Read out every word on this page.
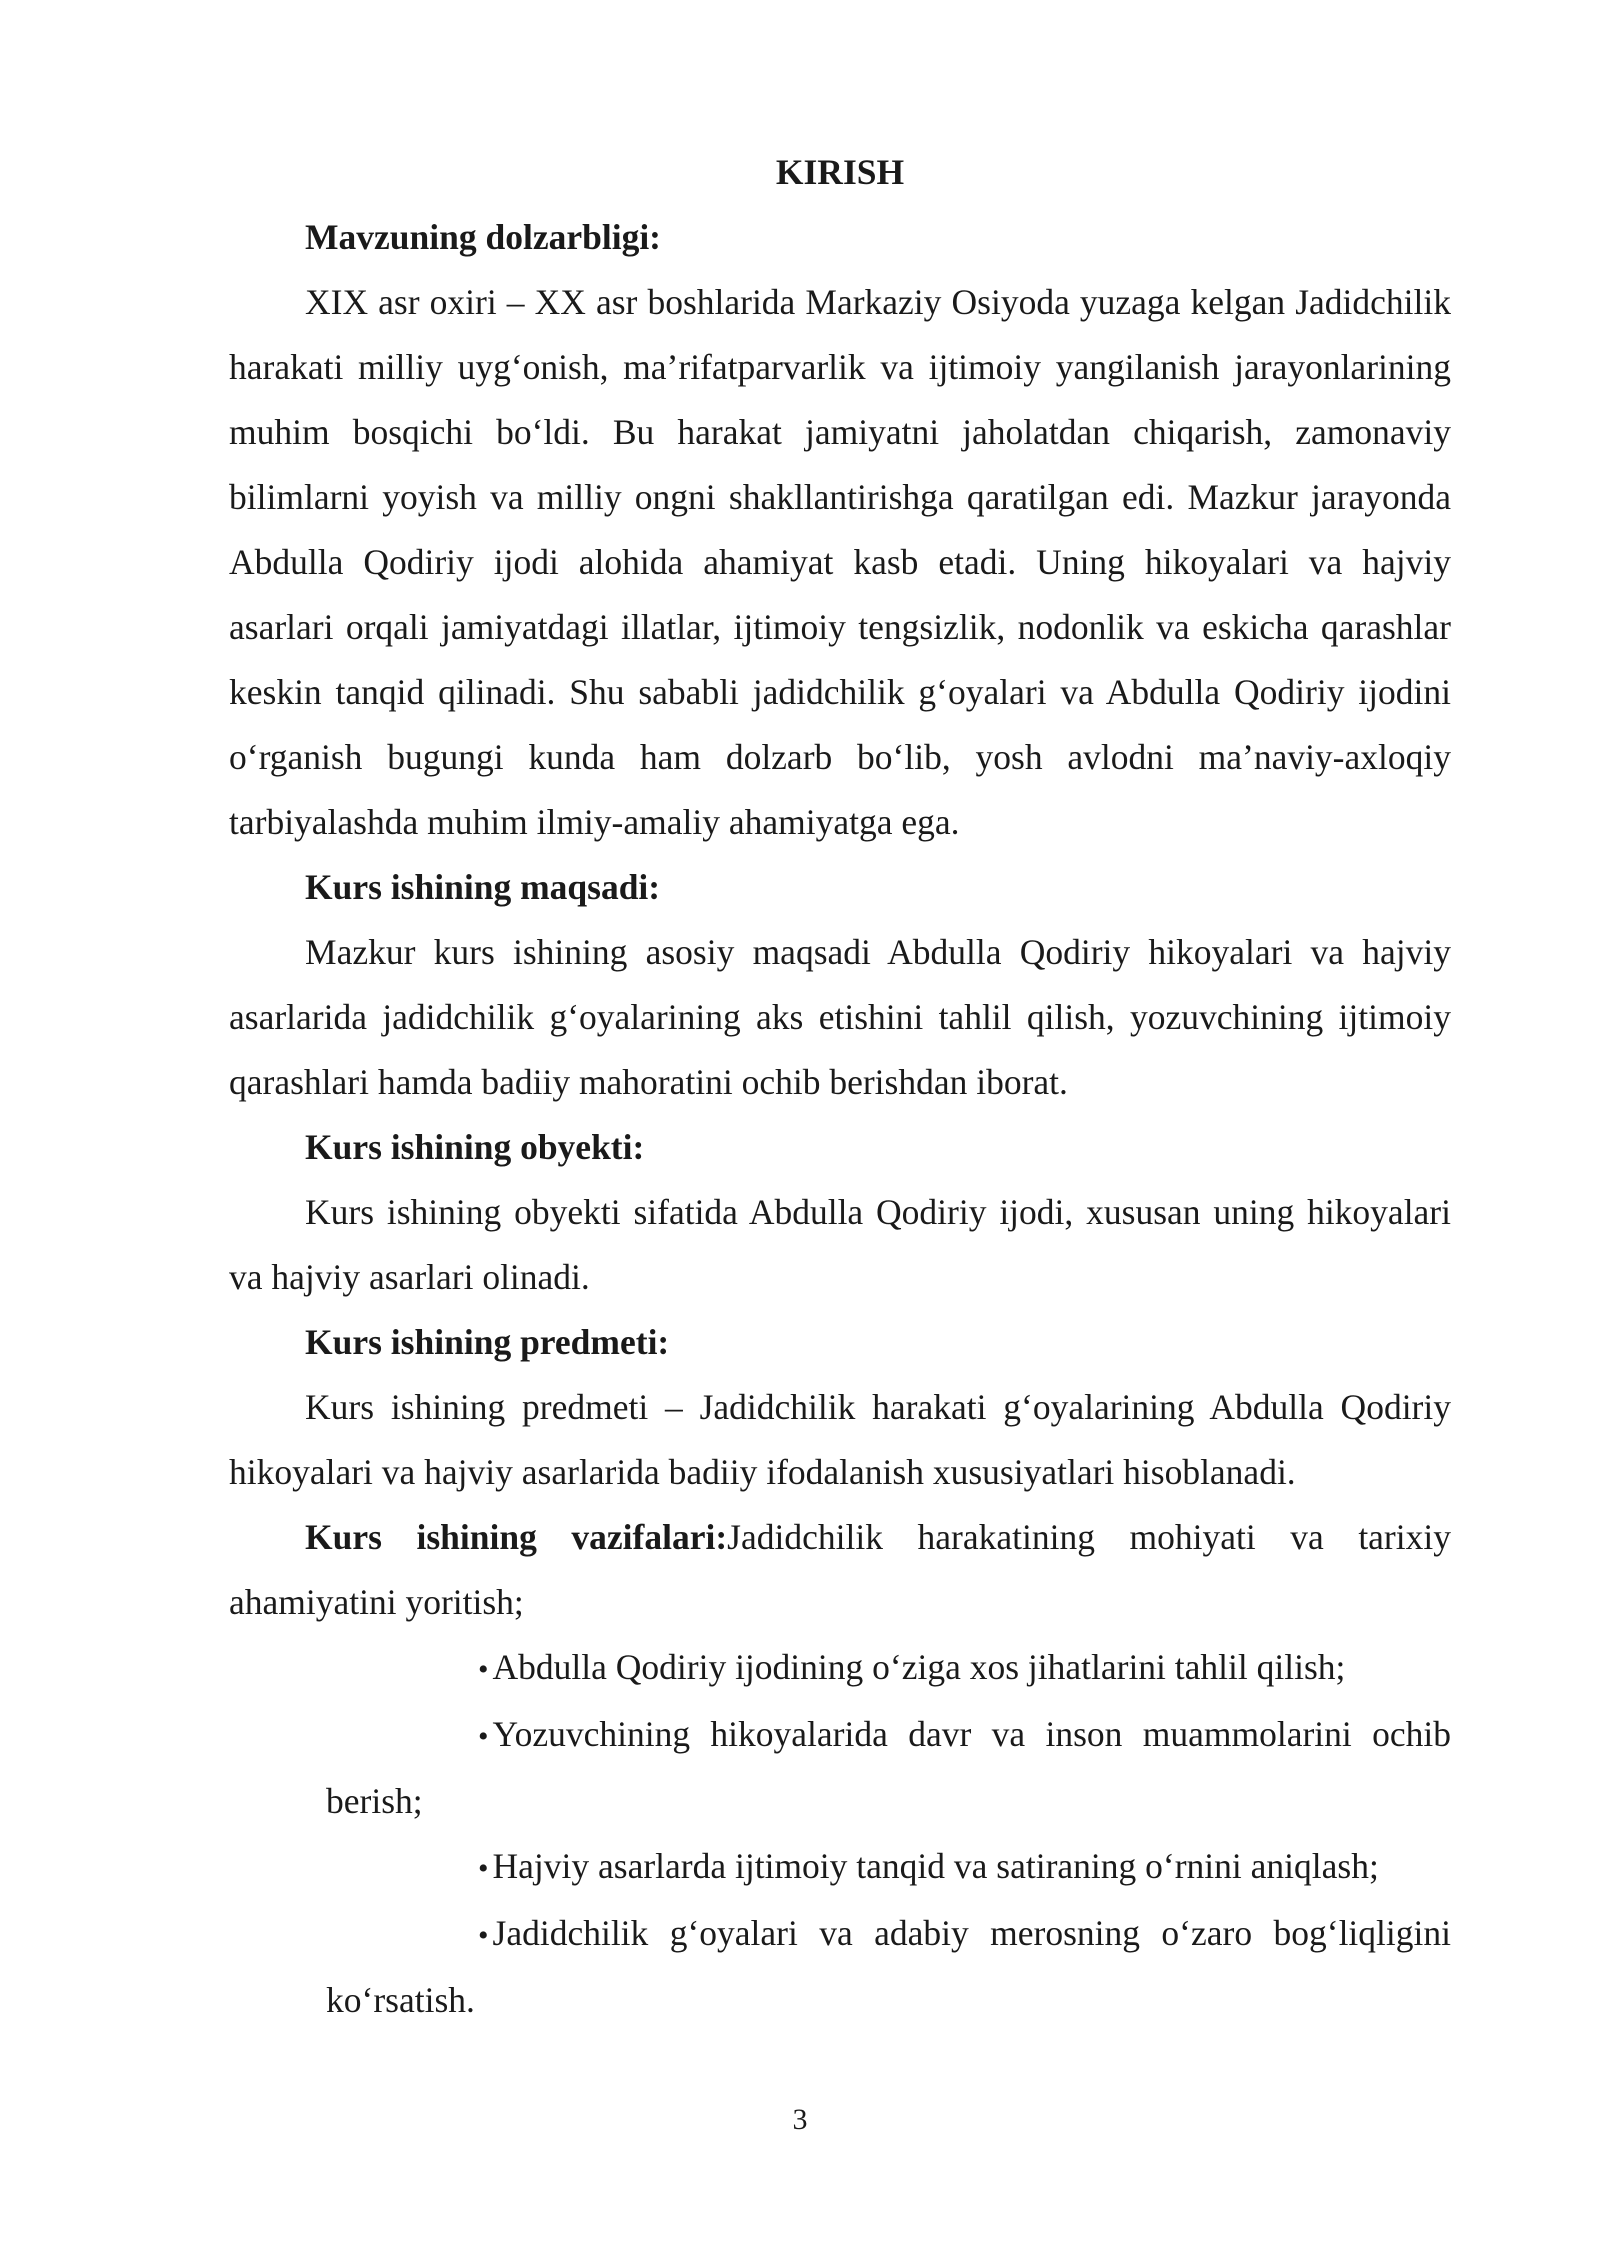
KIRISH

Mavzuning dolzarbligi:

XIX asr oxiri – XX asr boshlarida Markaziy Osiyoda yuzaga kelgan Jadidchilik harakati milliy uyg‘onish, ma’rifatparvarlik va ijtimoiy yangilanish jarayonlarining muhim bosqichi bo‘ldi. Bu harakat jamiyatni jaholatdan chiqarish, zamonaviy bilimlarni yoyish va milliy ongni shakllantirishga qaratilgan edi. Mazkur jarayonda Abdulla Qodiriy ijodi alohida ahamiyat kasb etadi. Uning hikoyalari va hajviy asarlari orqali jamiyatdagi illatlar, ijtimoiy tengsizlik, nodonlik va eskicha qarashlar keskin tanqid qilinadi. Shu sababli jadidchilik g‘oyalari va Abdulla Qodiriy ijodini o‘rganish bugungi kunda ham dolzarb bo‘lib, yosh avlodni ma’naviy-axloqiy tarbiyalashda muhim ilmiy-amaliy ahamiyatga ega.

Kurs ishining maqsadi:

Mazkur kurs ishining asosiy maqsadi Abdulla Qodiriy hikoyalari va hajviy asarlarida jadidchilik g‘oyalarining aks etishini tahlil qilish, yozuvchining ijtimoiy qarashlari hamda badiiy mahoratini ochib berishdan iborat.

Kurs ishining obyekti:

Kurs ishining obyekti sifatida Abdulla Qodiriy ijodi, xususan uning hikoyalari va hajviy asarlari olinadi.

Kurs ishining predmeti:

Kurs ishining predmeti – Jadidchilik harakati g‘oyalarining Abdulla Qodiriy hikoyalari va hajviy asarlarida badiiy ifodalanish xususiyatlari hisoblanadi.

Kurs ishining vazifalari:Jadidchilik harakatining mohiyati va tarixiy ahamiyatini yoritish;

• Abdulla Qodiriy ijodining o‘ziga xos jihatlarini tahlil qilish;

• Yozuvchining hikoyalarida davr va inson muammolarini ochib berish;

• Hajviy asarlarda ijtimoiy tanqid va satiraning o‘rnini aniqlash;

• Jadidchilik g‘oyalari va adabiy merosning o‘zaro bog‘liqligini ko‘rsatish.

3
